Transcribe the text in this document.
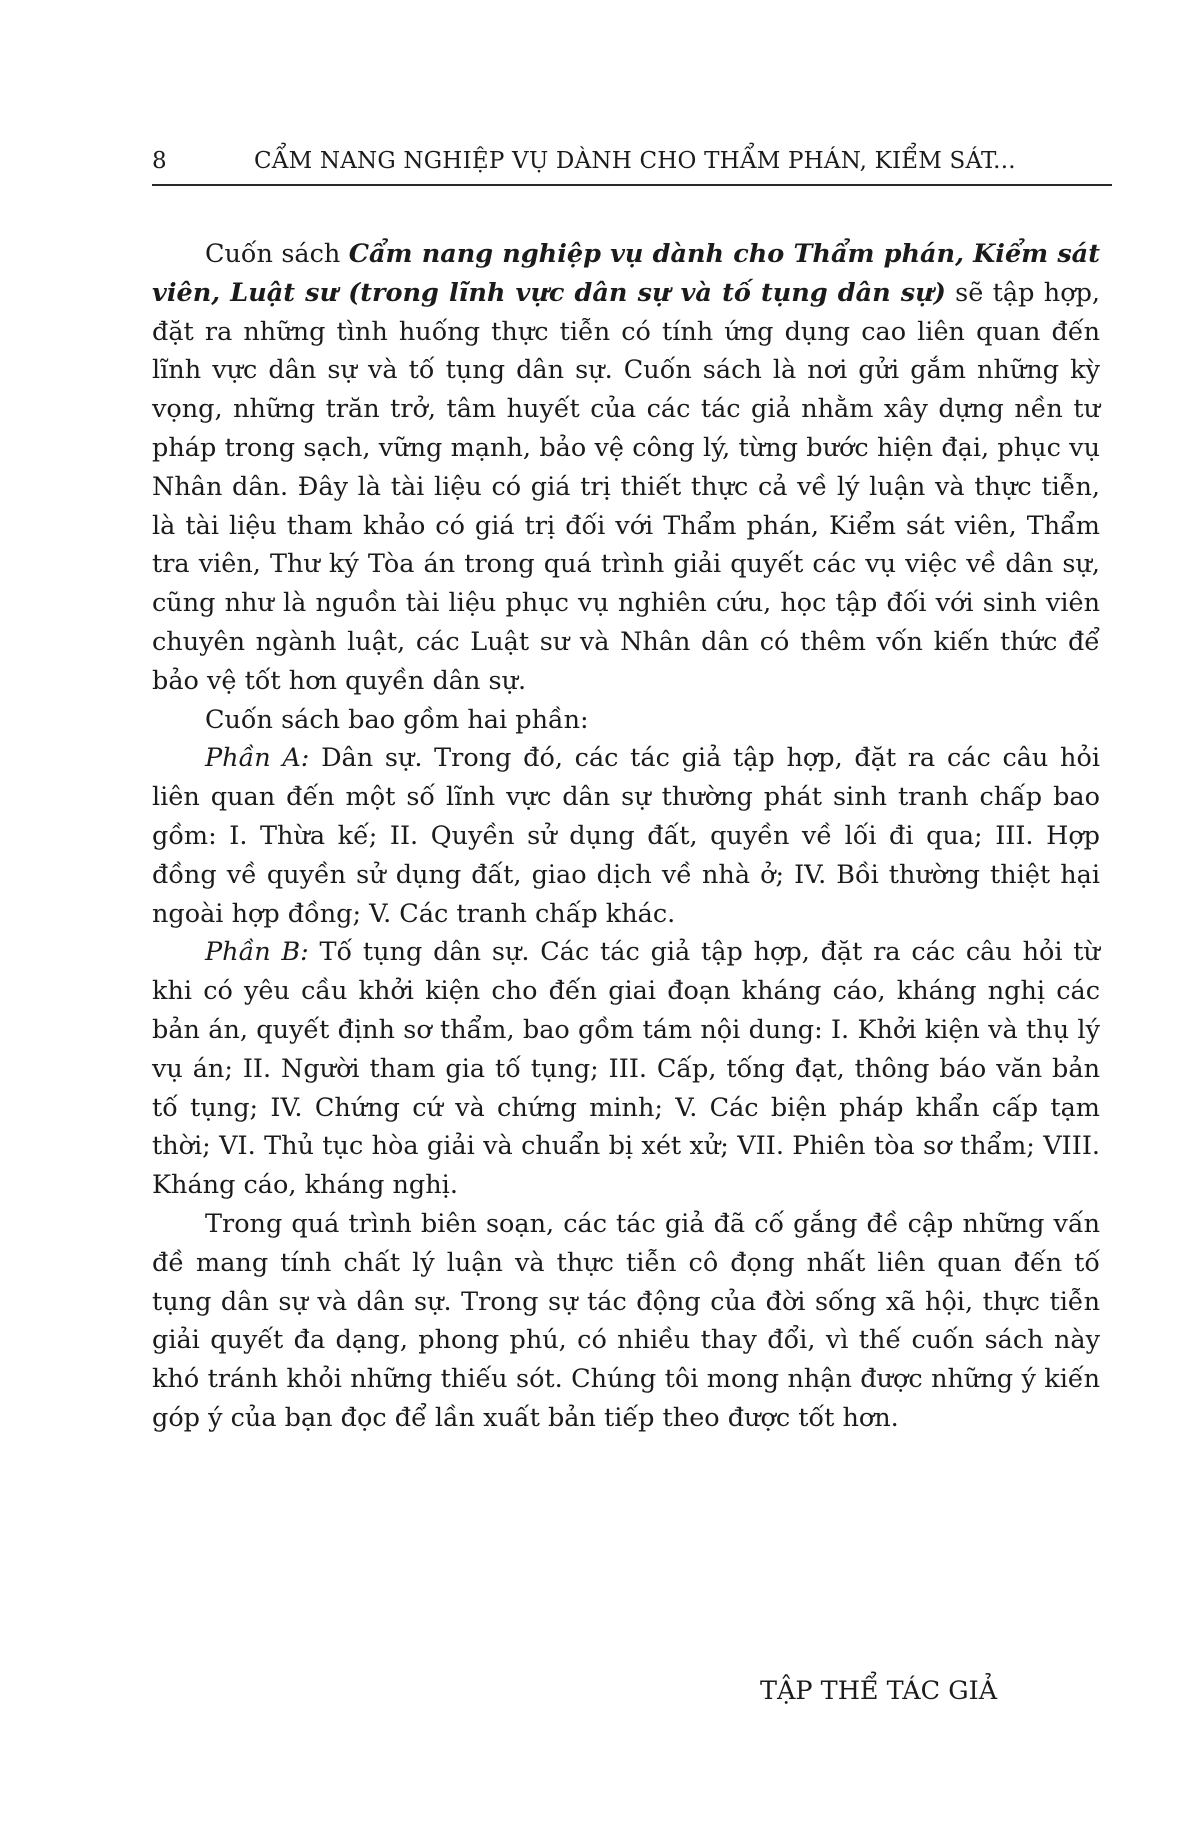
8	CẨM NANG NGHIỆP VỤ DÀNH CHO THẨM PHÁN, KIỂM SÁT...

Cuốn sách Cẩm nang nghiệp vụ dành cho Thẩm phán, Kiểm sát viên, Luật sư (trong lĩnh vực dân sự và tố tụng dân sự) sẽ tập hợp, đặt ra những tình huống thực tiễn có tính ứng dụng cao liên quan đến lĩnh vực dân sự và tố tụng dân sự. Cuốn sách là nơi gửi gắm những kỳ vọng, những trăn trở, tâm huyết của các tác giả nhằm xây dựng nền tư pháp trong sạch, vững mạnh, bảo vệ công lý, từng bước hiện đại, phục vụ Nhân dân. Đây là tài liệu có giá trị thiết thực cả về lý luận và thực tiễn, là tài liệu tham khảo có giá trị đối với Thẩm phán, Kiểm sát viên, Thẩm tra viên, Thư ký Tòa án trong quá trình giải quyết các vụ việc về dân sự, cũng như là nguồn tài liệu phục vụ nghiên cứu, học tập đối với sinh viên chuyên ngành luật, các Luật sư và Nhân dân có thêm vốn kiến thức để bảo vệ tốt hơn quyền dân sự.

Cuốn sách bao gồm hai phần:

Phần A: Dân sự. Trong đó, các tác giả tập hợp, đặt ra các câu hỏi liên quan đến một số lĩnh vực dân sự thường phát sinh tranh chấp bao gồm: I. Thừa kế; II. Quyền sử dụng đất, quyền về lối đi qua; III. Hợp đồng về quyền sử dụng đất, giao dịch về nhà ở; IV. Bồi thường thiệt hại ngoài hợp đồng; V. Các tranh chấp khác.

Phần B: Tố tụng dân sự. Các tác giả tập hợp, đặt ra các câu hỏi từ khi có yêu cầu khởi kiện cho đến giai đoạn kháng cáo, kháng nghị các bản án, quyết định sơ thẩm, bao gồm tám nội dung: I. Khởi kiện và thụ lý vụ án; II. Người tham gia tố tụng; III. Cấp, tống đạt, thông báo văn bản tố tụng; IV. Chứng cứ và chứng minh; V. Các biện pháp khẩn cấp tạm thời; VI. Thủ tục hòa giải và chuẩn bị xét xử; VII. Phiên tòa sơ thẩm; VIII. Kháng cáo, kháng nghị.

Trong quá trình biên soạn, các tác giả đã cố gắng đề cập những vấn đề mang tính chất lý luận và thực tiễn cô đọng nhất liên quan đến tố tụng dân sự và dân sự. Trong sự tác động của đời sống xã hội, thực tiễn giải quyết đa dạng, phong phú, có nhiều thay đổi, vì thế cuốn sách này khó tránh khỏi những thiếu sót. Chúng tôi mong nhận được những ý kiến góp ý của bạn đọc để lần xuất bản tiếp theo được tốt hơn.

TẬP THỂ TÁC GIẢ
